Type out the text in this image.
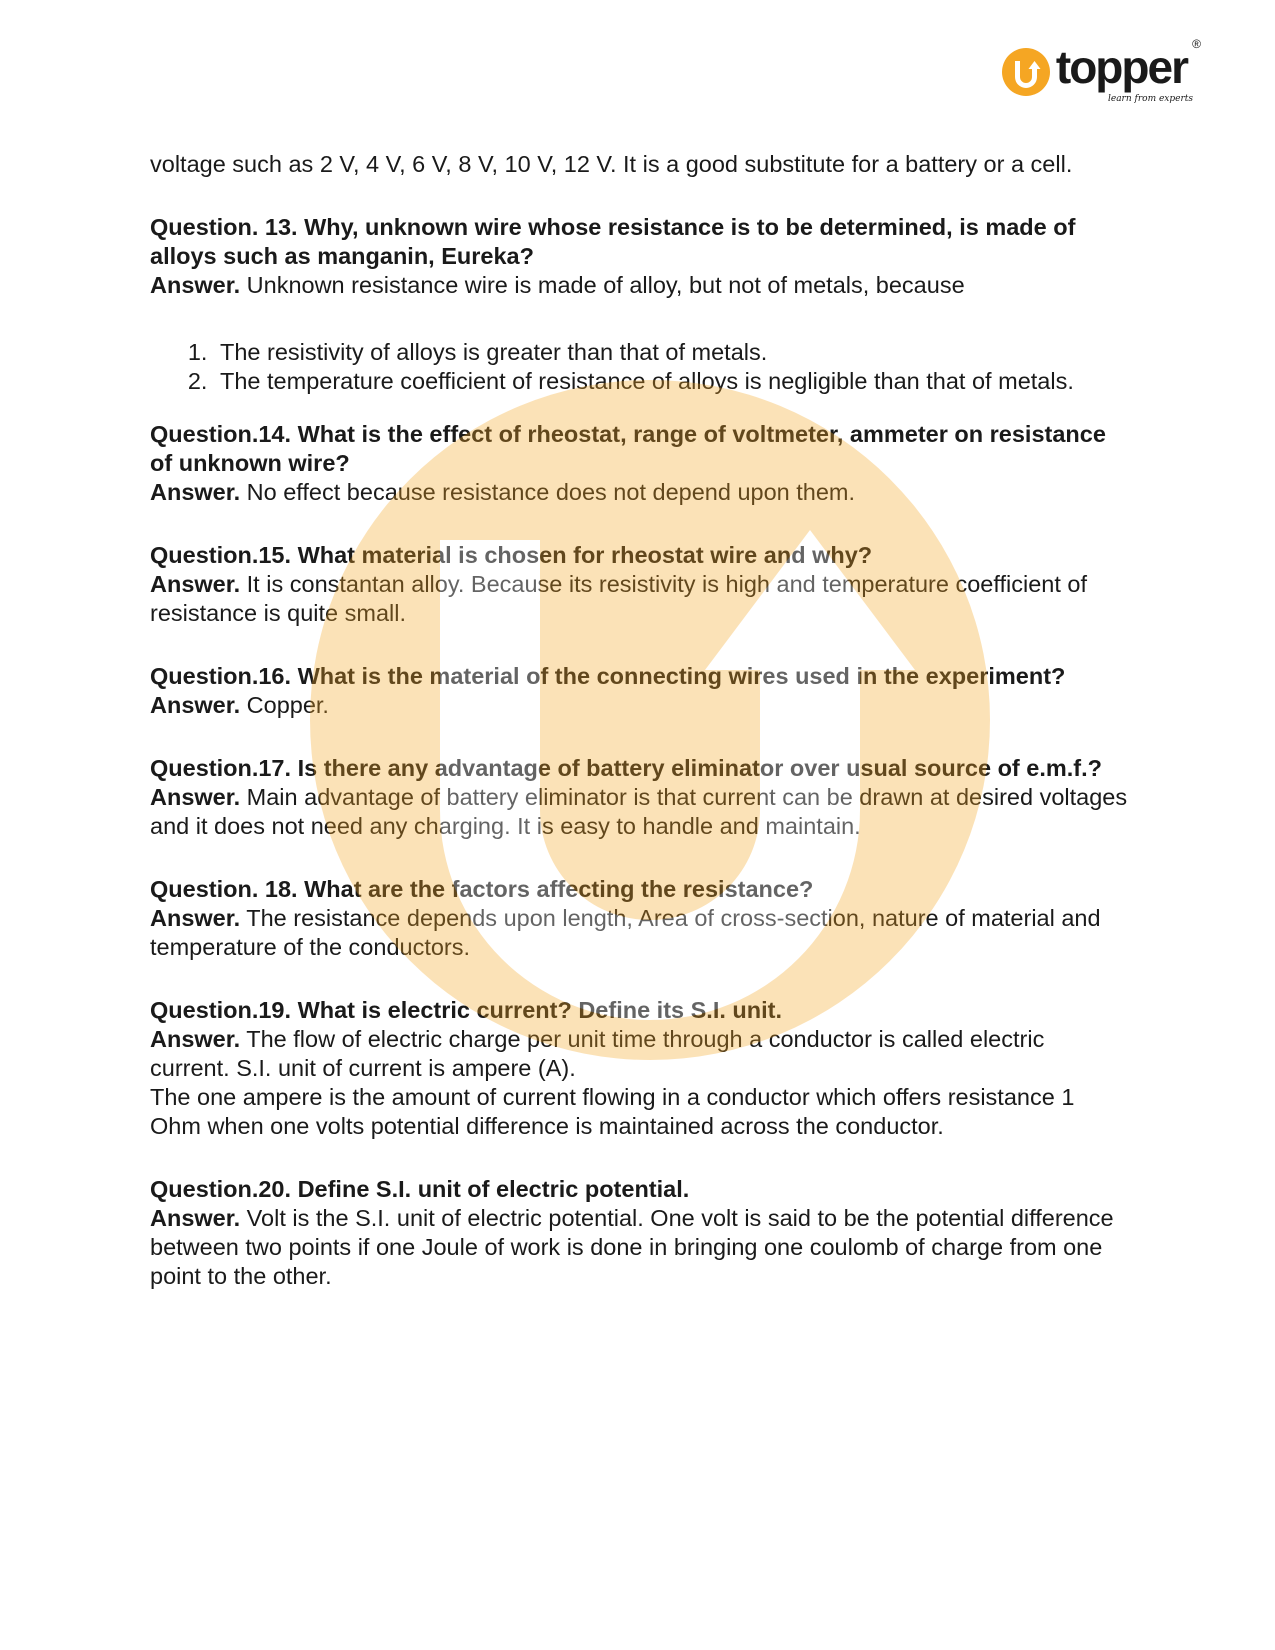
topper ®
learn from experts

voltage such as 2 V, 4 V, 6 V, 8 V, 10 V, 12 V. It is a good substitute for a battery or a cell.

Question. 13. Why, unknown wire whose resistance is to be determined, is made of alloys such as manganin, Eureka?

Answer. Unknown resistance wire is made of alloy, but not of metals, because

1. The resistivity of alloys is greater than that of metals.
2. The temperature coefficient of resistance of alloys is negligible than that of metals.

Question.14. What is the effect of rheostat, range of voltmeter, ammeter on resistance of unknown wire?

Answer. No effect because resistance does not depend upon them.

Question.15. What material is chosen for rheostat wire and why?

Answer. It is constantan alloy. Because its resistivity is high and temperature coefficient of resistance is quite small.

Question.16. What is the material of the connecting wires used in the experiment?

Answer. Copper.

Question.17. Is there any advantage of battery eliminator over usual source of e.m.f.?

Answer. Main advantage of battery eliminator is that current can be drawn at desired voltages and it does not need any charging. It is easy to handle and maintain.

Question. 18. What are the factors affecting the resistance?

Answer. The resistance depends upon length, Area of cross-section, nature of material and temperature of the conductors.

Question.19. What is electric current? Define its S.I. unit.

Answer. The flow of electric charge per unit time through a conductor is called electric current. S.I. unit of current is ampere (A).

The one ampere is the amount of current flowing in a conductor which offers resistance 1 Ohm when one volts potential difference is maintained across the conductor.

Question.20. Define S.I. unit of electric potential.

Answer. Volt is the S.I. unit of electric potential. One volt is said to be the potential difference between two points if one Joule of work is done in bringing one coulomb of charge from one point to the other.
